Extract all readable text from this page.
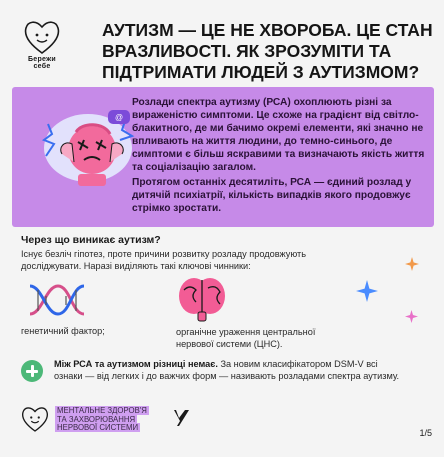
Бережи
себе
АУТИЗМ — ЦЕ НЕ ХВОРОБА. ЦЕ СТАН ВРАЗЛИВОСТІ. ЯК ЗРОЗУМІТИ ТА ПІДТРИМАТИ ЛЮДЕЙ З АУТИЗМОМ?
@
Розлади спектра аутизму (РСА) охоплюють різні за вираженістю симптоми. Це схоже на градієнт від світло-блакитного, де ми бачимо окремі елементи, які значно не впливають на життя людини, до темно-синього, де симптоми є більш яскравими та визначають якість життя та соціалізацію загалом.
Протягом останніх десятиліть, РСА — єдиний розлад у дитячій психіатрії, кількість випадків якого продовжує стрімко зростати.
Через що виникає аутизм?
Існує безліч гіпотез, проте причини розвитку розладу продовжують досліджувати. Наразі виділяють такі ключові чинники:
генетичний фактор;	органічне ураження центральної нервової системи (ЦНС).
Між РСА та аутизмом різниці немає. За новим класифікатором DSM-V всі ознаки — від легких і до важчих форм — називають розладами спектра аутизму.
МЕНТАЛЬНЕ ЗДОРОВ'Я
ТА ЗАХВОРЮВАННЯ
НЕРВОВОЇ СИСТЕМИ
1/5
